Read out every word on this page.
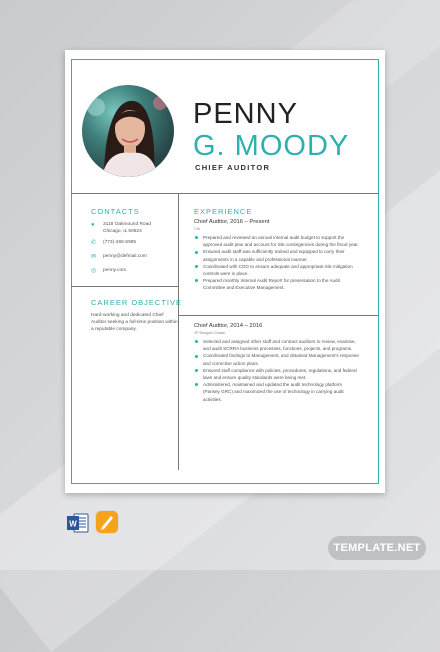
PENNY
G. MOODY
CHIEF AUDITOR
CONTACTS
●	3118 Oakmound Road
Chicago, IL 60624
✆	(773)-265-5985
✉	penny@defmail.com
◎	penny.com
CAREER OBJECTIVE
Hard-working and dedicated Chief Auditor seeking a full-time position within a reputable company.
EXPERIENCE
Chief Auditor, 2016 – Present
Citi
Prepared and reviewed an annual internal audit budget to support the approved audit plan and account for risk contingencies during the fiscal year.
Ensured audit staff was sufficiently trained and equipped to carry their assignments in a capable and professional manner.
Coordinated with CDO to ensure adequate and appropriate risk mitigation controls were in place.
Prepared monthly Internal Audit Report for presentation to the Audit Committee and Executive Management.
Chief Auditor, 2014 – 2016
JP Morgan Chase
Selected and assigned other staff and contract auditors to review, examine, and audit SCRRA business processes, functions, projects, and programs.
Coordinated findings to Management, and obtained Management's response and corrective action plans.
Ensured staff compliance with policies, procedures, regulations, and federal laws and ensure quality standards were being met.
Administered, maintained and updated the audit technology platform (Parisey GRC) and maximized the use of technology in carrying audit activities.
W
TEMPLATE.NET
